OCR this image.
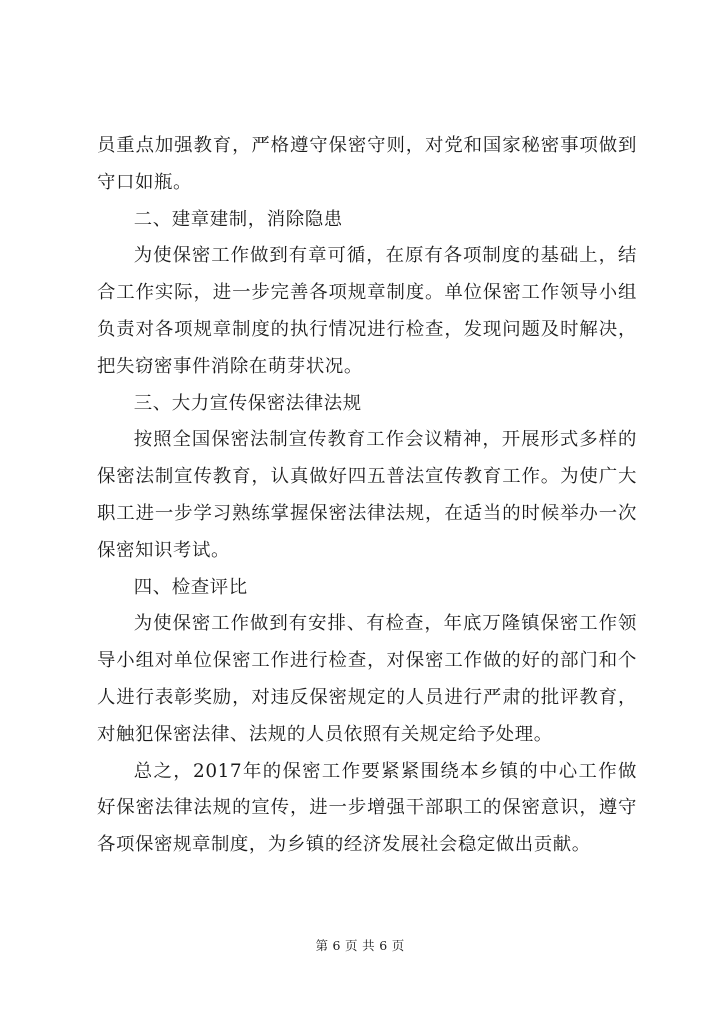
员重点加强教育，严格遵守保密守则，对党和国家秘密事项做到守口如瓶。

二、建章建制，消除隐患

为使保密工作做到有章可循，在原有各项制度的基础上，结合工作实际，进一步完善各项规章制度。单位保密工作领导小组负责对各项规章制度的执行情况进行检查，发现问题及时解决，把失窃密事件消除在萌芽状况。

三、大力宣传保密法律法规

按照全国保密法制宣传教育工作会议精神，开展形式多样的保密法制宣传教育，认真做好四五普法宣传教育工作。为使广大职工进一步学习熟练掌握保密法律法规，在适当的时候举办一次保密知识考试。

四、检查评比

为使保密工作做到有安排、有检查，年底万隆镇保密工作领导小组对单位保密工作进行检查，对保密工作做的好的部门和个人进行表彰奖励，对违反保密规定的人员进行严肃的批评教育，对触犯保密法律、法规的人员依照有关规定给予处理。

总之，2017年的保密工作要紧紧围绕本乡镇的中心工作做好保密法律法规的宣传，进一步增强干部职工的保密意识，遵守各项保密规章制度，为乡镇的经济发展社会稳定做出贡献。

第 6 页 共 6 页
